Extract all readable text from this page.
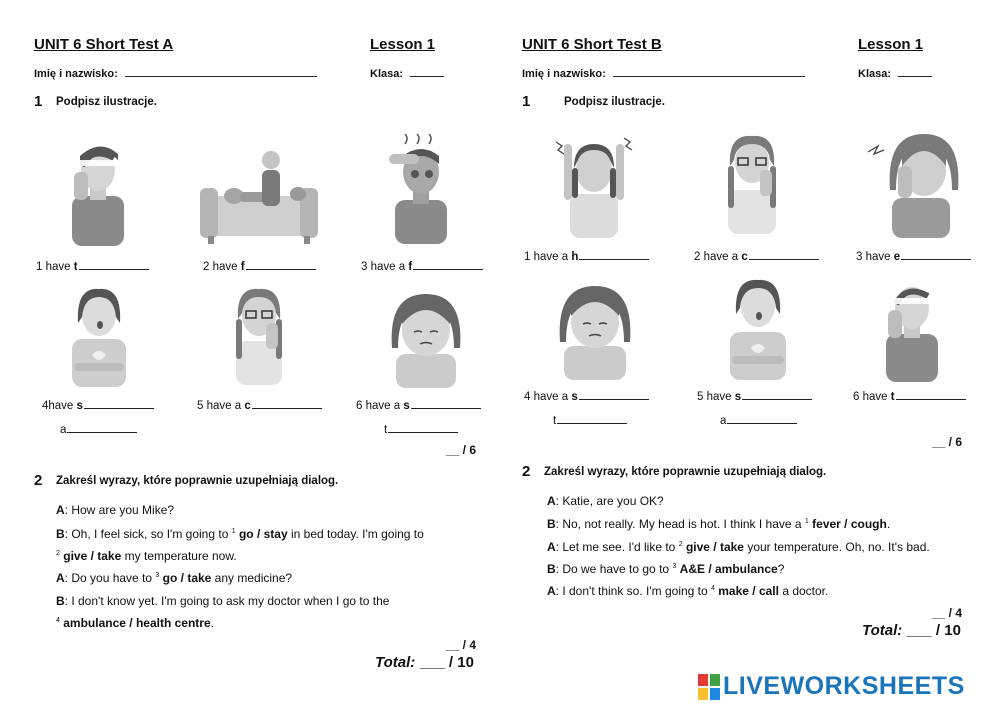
UNIT 6 Short Test A	Lesson 1
Imię i nazwisko:	Klasa:
1 Podpisz ilustracje.
1 have t	2 have f	3 have a f
4have s
a
5 have a c	6 have a s
t
__ / 6
2 Zakreśl wyrazy, które poprawnie uzupełniają dialog.
A: How are you Mike?
B: Oh, I feel sick, so I'm going to $^1$ go / stay in bed today. I'm going to
$^2$ give / take my temperature now.
A: Do you have to $^3$ go / take any medicine?
B: I don't know yet. I'm going to ask my doctor when I go to the
$^4$ ambulance / health centre.
__ / 4
Total: ___ / 10
UNIT 6 Short Test B	Lesson 1
Imię i nazwisko:	Klasa:
1	Podpisz ilustracje.
1 have a h	2 have a c	3 have e
4 have a s
t
5 have s
a
6 have t
__ / 6
2 Zakreśl wyrazy, które poprawnie uzupełniają dialog.
A: Katie, are you OK?
B: No, not really. My head is hot. I think I have a $^1$ fever / cough.
A: Let me see. I'd like to $^2$ give / take your temperature. Oh, no. It's bad.
B: Do we have to go to $^3$ A&E / ambulance?
A: I don't think so. I'm going to $^4$ make / call a doctor.
__ / 4
Total: ___ / 10
LIVEWORKSHEETS
